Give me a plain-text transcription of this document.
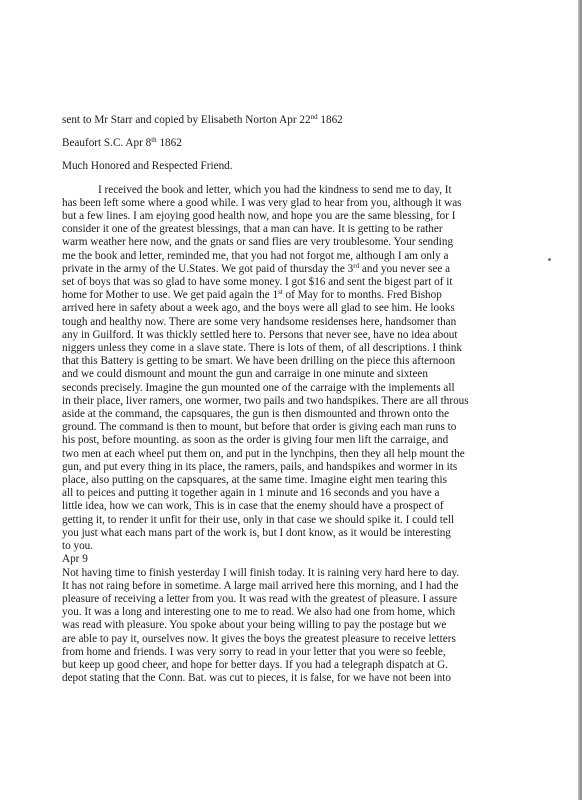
sent to Mr Starr and copied by Elisabeth Norton Apr 22nd 1862

Beaufort S.C. Apr 8th 1862

Much Honored and Respected Friend.

I received the book and letter, which you had the kindness to send me to day, It
has been left some where a good while. I was very glad to hear from you, although it was
but a few lines. I am ejoying good health now, and hope you are the same blessing, for I
consider it one of the greatest blessings, that a man can have. It is getting to be rather
warm weather here now, and the gnats or sand flies are very troublesome. Your sending
me the book and letter, reminded me, that you had not forgot me, although I am only a
private in the army of the U.States. We got paid of thursday the 3rd and you never see a
set of boys that was so glad to have some money. I got $16 and sent the bigest part of it
home for Mother to use. We get paid again the 1st of May for to months. Fred Bishop
arrived here in safety about a week ago, and the boys were all glad to see him. He looks
tough and healthy now. There are some very handsome residenses here, handsomer than
any in Guilford. It was thickly settled here to. Persons that never see, have no idea about
niggers unless they come in a slave state. There is lots of them, of all descriptions. I think
that this Battery is getting to be smart. We have been drilling on the piece this afternoon
and we could dismount and mount the gun and carraige in one minute and sixteen
seconds precisely. Imagine the gun mounted one of the carraige with the implements all
in their place, liver ramers, one wormer, two pails and two handspikes. There are all throus
aside at the command, the capsquares, the gun is then dismounted and thrown onto the
ground. The command is then to mount, but before that order is giving each man runs to
his post, before mounting. as soon as the order is giving four men lift the carraige, and
two men at each wheel put them on, and put in the lynchpins, then they all help mount the
gun, and put every thing in its place, the ramers, pails, and handspikes and wormer in its
place, also putting on the capsquares, at the same time. Imagine eight men tearing this
all to peices and putting it together again in 1 minute and 16 seconds and you have a
little idea, how we can work, This is in case that the enemy should have a prospect of
getting it, to render it unfit for their use, only in that case we should spike it. I could tell
you just what each mans part of the work is, but I dont know, as it would be interesting
to you.

Apr 9

Not having time to finish yesterday I will finish today. It is raining very hard here to day.
It has not raing before in sometime. A large mail arrived here this morning, and I had the
pleasure of receiving a letter from you. It was read with the greatest of pleasure. I assure
you. It was a long and interesting one to me to read. We also had one from home, which
was read with pleasure. You spoke about your being willing to pay the postage but we
are able to pay it, ourselves now. It gives the boys the greatest pleasure to receive letters
from home and friends. I was very sorry to read in your letter that you were so feeble,
but keep up good cheer, and hope for better days. If you had a telegraph dispatch at G.
depot stating that the Conn. Bat. was cut to pieces, it is false, for we have not been into
